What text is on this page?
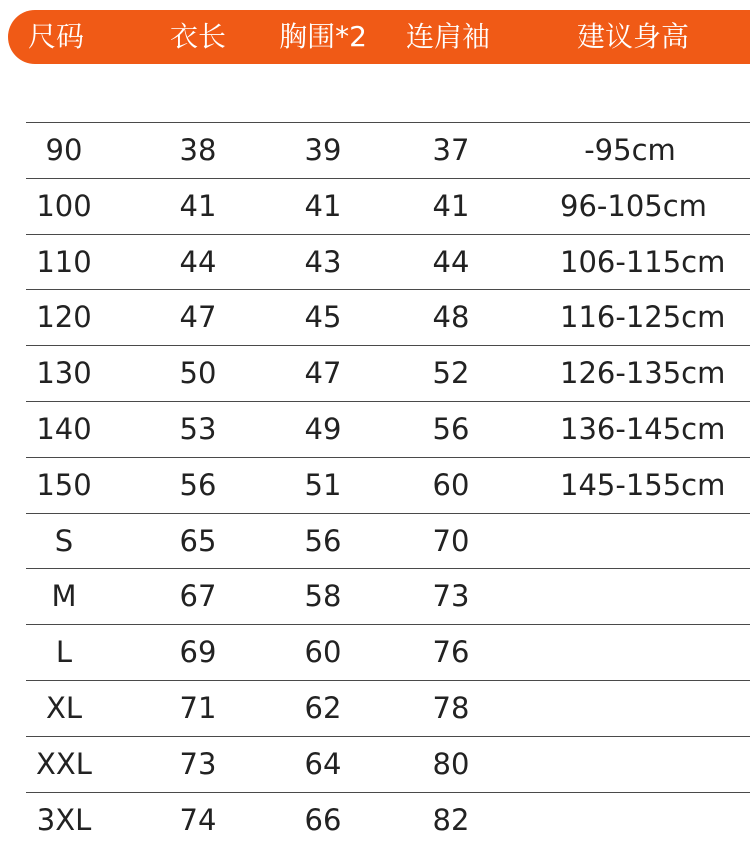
尺码	衣长	胸围*2	连肩袖	建议身高
90	38	39	37	-95cm
100	41	41	41	96-105cm
110	44	43	44	106-115cm
120	47	45	48	116-125cm
130	50	47	52	126-135cm
140	53	49	56	136-145cm
150	56	51	60	145-155cm
S	65	56	70
M	67	58	73
L	69	60	76
XL	71	62	78
XXL	73	64	80
3XL	74	66	82
